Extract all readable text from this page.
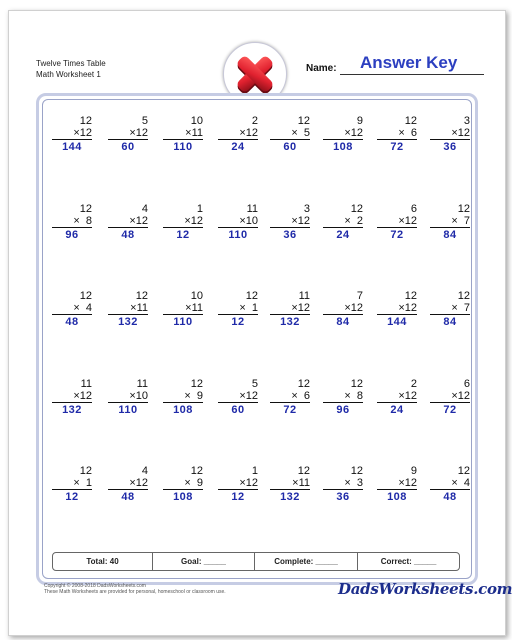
Twelve Times Table
Math Worksheet 1
Name: Answer Key
12
×12
144
5
×12
60
10
×11
110
2
×12
24
12
×  5
60
9
×12
108
12
×  6
72
3
×12
36
12
×  8
96
4
×12
48
1
×12
12
11
×10
110
3
×12
36
12
×  2
24
6
×12
72
12
×  7
84
12
×  4
48
12
×11
132
10
×11
110
12
×  1
12
11
×12
132
7
×12
84
12
×12
144
12
×  7
84
11
×12
132
11
×10
110
12
×  9
108
5
×12
60
12
×  6
72
12
×  8
96
2
×12
24
6
×12
72
12
×  1
12
4
×12
48
12
×  9
108
1
×12
12
12
×11
132
12
×  3
36
9
×12
108
12
×  4
48
Total: 40	Goal: _____	Complete: _____	Correct: _____
Copyright © 2008-2018 DadsWorksheets.com
These Math Worksheets are provided for personal, homeschool or classroom use.	DadsWorksheets.com
